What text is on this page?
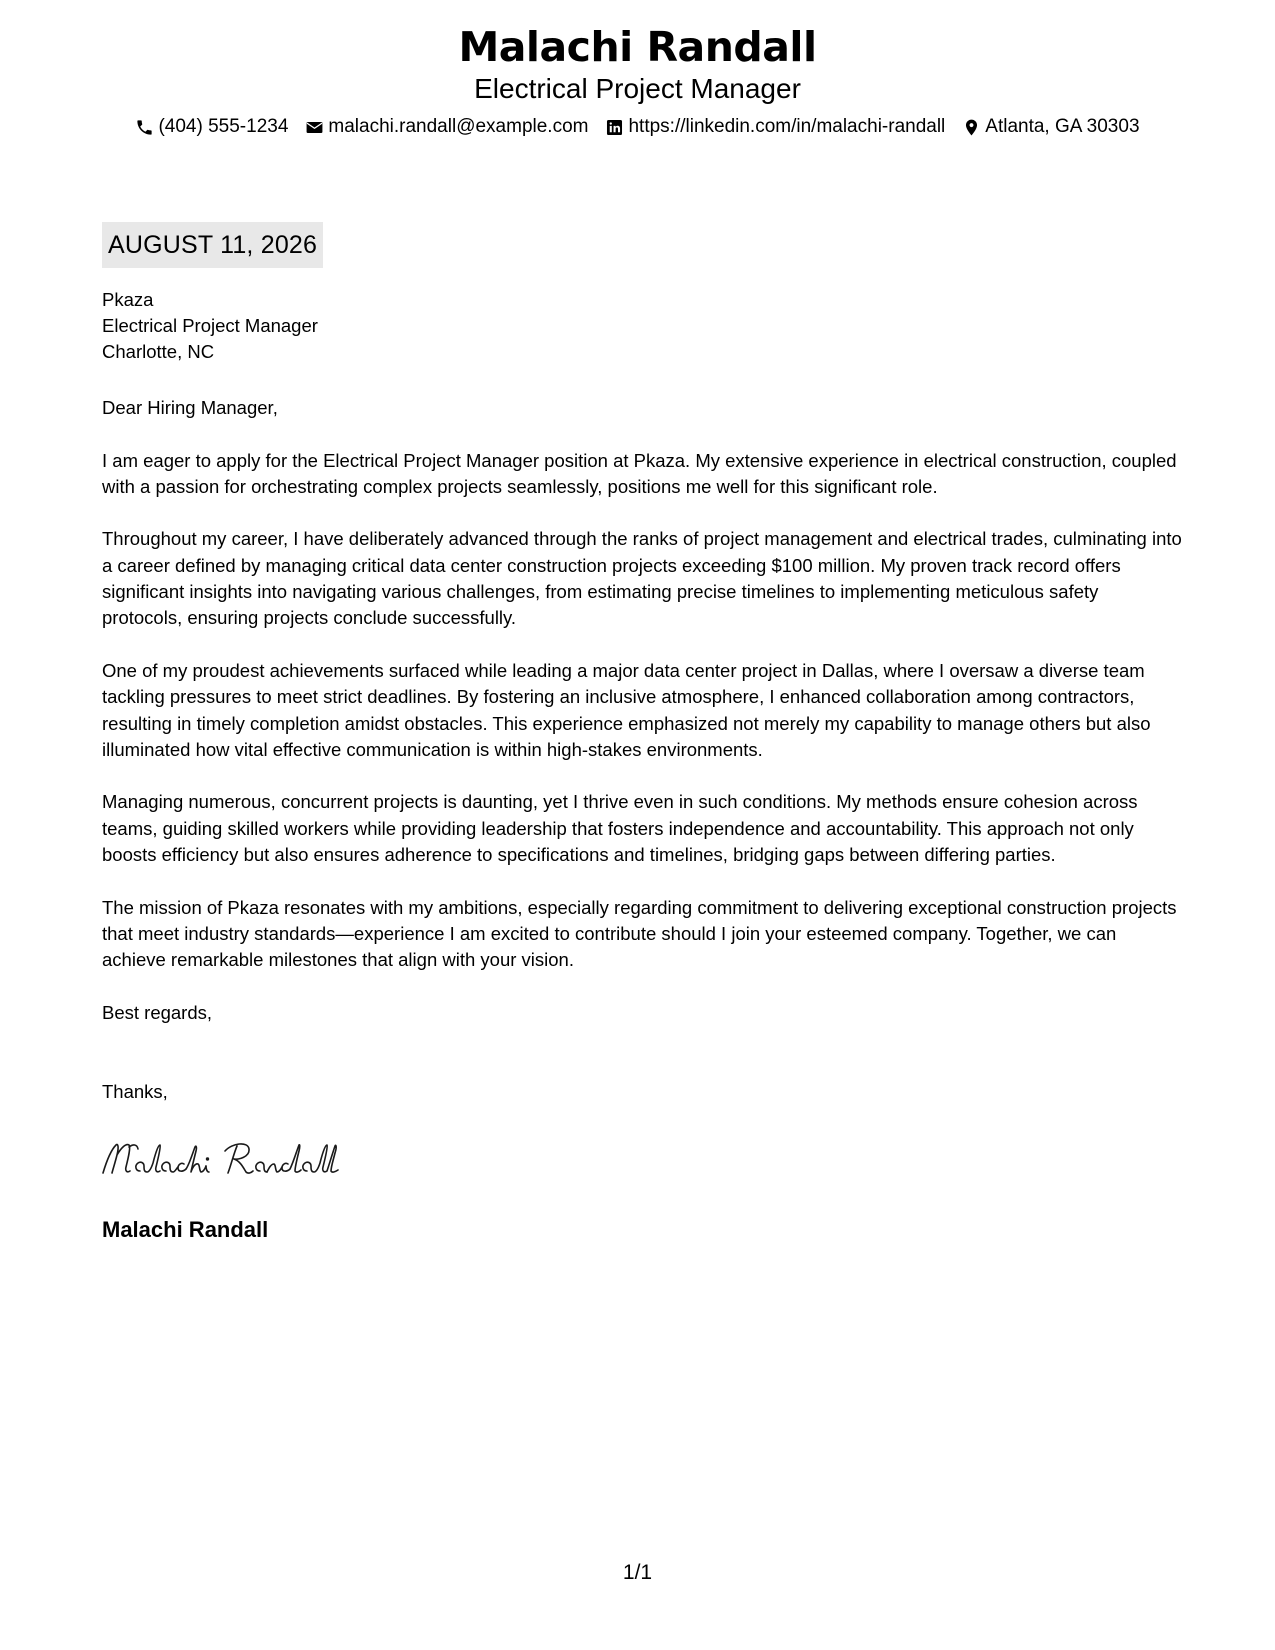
Malachi Randall
Electrical Project Manager
(404) 555-1234 malachi.randall@example.com https://linkedin.com/in/malachi-randall Atlanta, GA 30303
AUGUST 11, 2026
Pkaza
Electrical Project Manager
Charlotte, NC

Dear Hiring Manager,

I am eager to apply for the Electrical Project Manager position at Pkaza. My extensive experience in electrical construction, coupled with a passion for orchestrating complex projects seamlessly, positions me well for this significant role.

Throughout my career, I have deliberately advanced through the ranks of project management and electrical trades, culminating into a career defined by managing critical data center construction projects exceeding $100 million. My proven track record offers significant insights into navigating various challenges, from estimating precise timelines to implementing meticulous safety protocols, ensuring projects conclude successfully.

One of my proudest achievements surfaced while leading a major data center project in Dallas, where I oversaw a diverse team tackling pressures to meet strict deadlines. By fostering an inclusive atmosphere, I enhanced collaboration among contractors, resulting in timely completion amidst obstacles. This experience emphasized not merely my capability to manage others but also illuminated how vital effective communication is within high-stakes environments.

Managing numerous, concurrent projects is daunting, yet I thrive even in such conditions. My methods ensure cohesion across teams, guiding skilled workers while providing leadership that fosters independence and accountability. This approach not only boosts efficiency but also ensures adherence to specifications and timelines, bridging gaps between differing parties.

The mission of Pkaza resonates with my ambitions, especially regarding commitment to delivering exceptional construction projects that meet industry standards—experience I am excited to contribute should I join your esteemed company. Together, we can achieve remarkable milestones that align with your vision.

Best regards,
Thanks,
Malachi Randall
1/1
